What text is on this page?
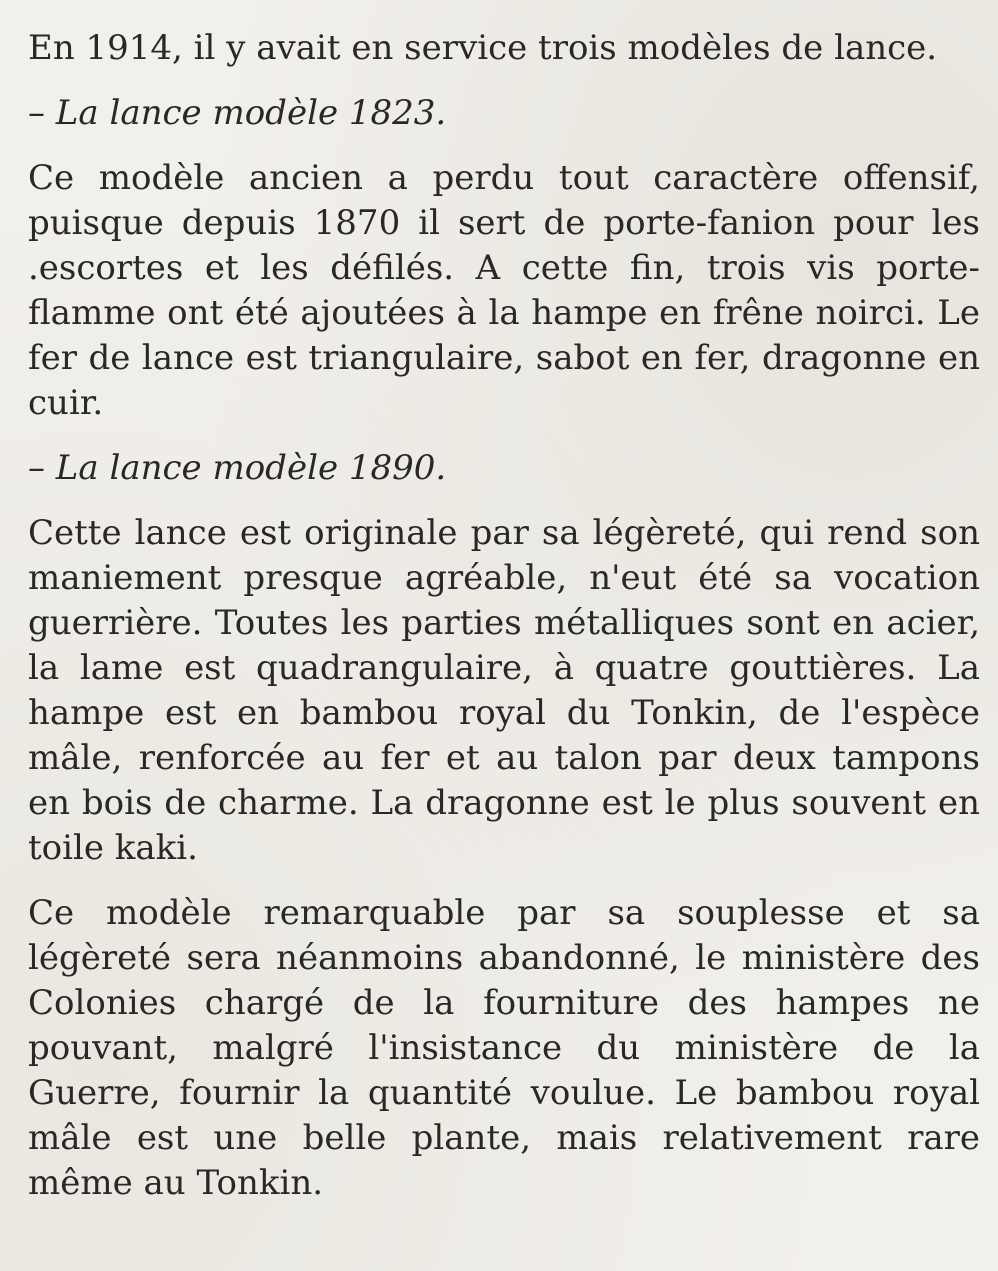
En 1914, il y avait en service trois modèles de lance.

– La lance modèle 1823.

Ce modèle ancien a perdu tout caractère offensif, puisque depuis 1870 il sert de porte-fanion pour les .escortes et les défilés. A cette fin, trois vis porte-flamme ont été ajoutées à la hampe en frêne noirci. Le fer de lance est triangulaire, sabot en fer, dragonne en cuir.

– La lance modèle 1890.

Cette lance est originale par sa légèreté, qui rend son maniement presque agréable, n'eut été sa vocation guerrière. Toutes les parties métalliques sont en acier, la lame est quadrangulaire, à quatre gouttières. La hampe est en bambou royal du Tonkin, de l'espèce mâle, renforcée au fer et au talon par deux tampons en bois de charme. La dragonne est le plus souvent en toile kaki.

Ce modèle remarquable par sa souplesse et sa légèreté sera néanmoins abandonné, le ministère des Colonies chargé de la fourniture des hampes ne pouvant, malgré l'insistance du ministère de la Guerre, fournir la quantité voulue. Le bambou royal mâle est une belle plante, mais relativement rare même au Tonkin.
